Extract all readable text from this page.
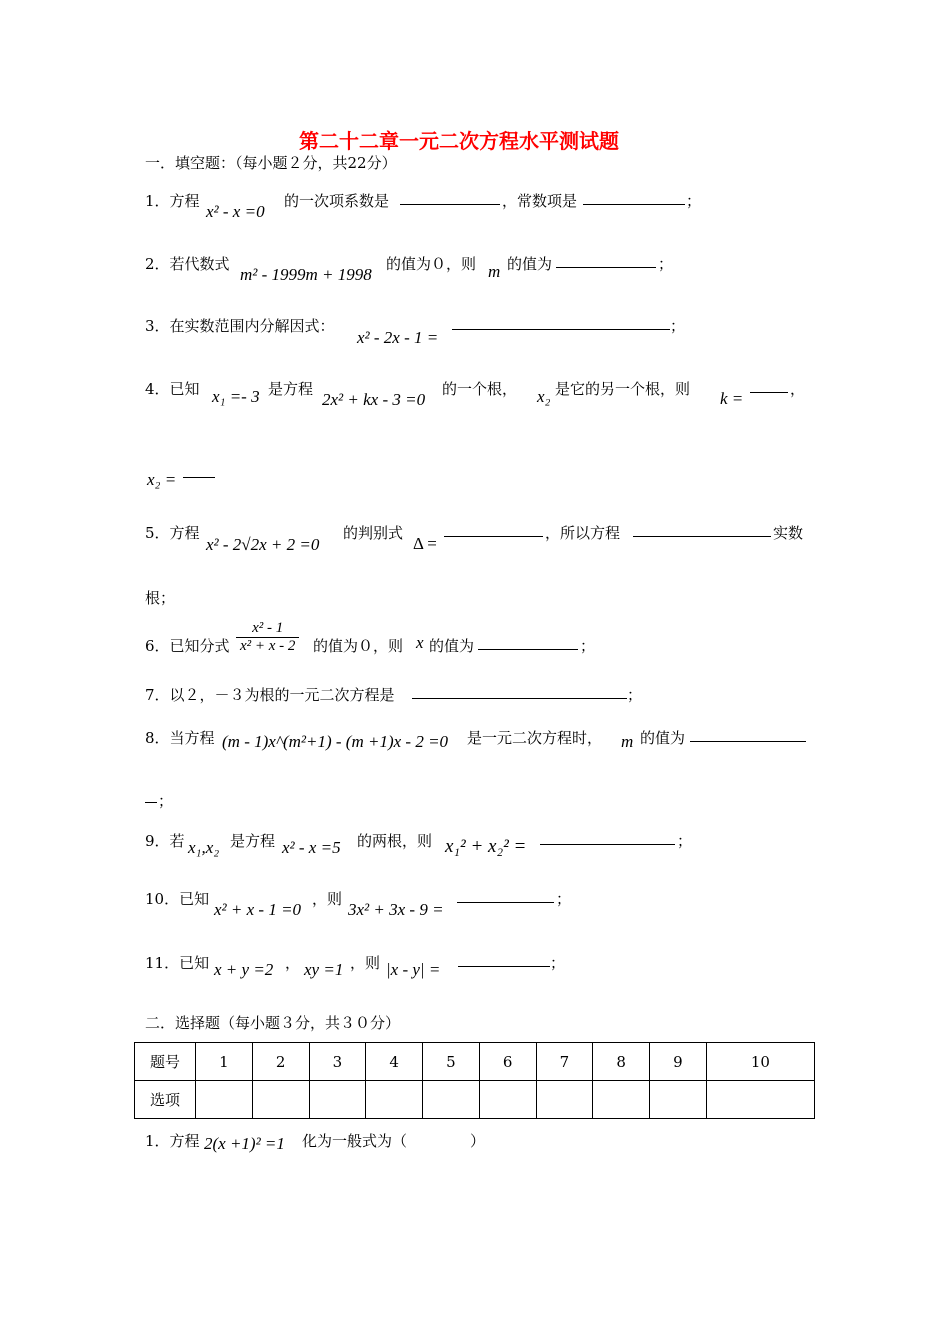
第二十二章一元二次方程水平测试题
一．填空题：（每小题２分，共22分）
1．方程
x² - x =0
的一次项系数是	，常数项是	；
2．若代数式
m² - 1999m + 1998
的值为０，则 m 的值为	；
3．在实数范围内分解因式：
x² - 2x - 1 =
；
4．已知 x₁ =- 3 是方程
2x² + kx - 3 =0
的一个根， x₂ 是它的另一个根，则 k =	，
x₂ =
5．方程
x² - 2√2x + 2 =0
的判别式
Δ =
，所以方程	实数
根；
6．已知分式 $\frac{\text{x² - 1}}{\text{x² + x - 2}}$ 的值为０，则 x 的值为	；
7．以２，－３为根的一元二次方程是	；
8．当方程 (m - 1)x^(m²+1) - (m +1)x - 2 =0 是一元二次方程时， m 的值为
；
9．若 x₁,x₂ 是方程 x² - x =5 的两根，则 x₁² + x₂² =	；
10．已知
x² + x - 1 =0
，则
3x² + 3x - 9 =
；
11．已知 x + y =2 ， xy =1 ，则 |x - y| =	；
二．选择题（每小题３分，共３０分）
题号	1	2	3	4	5	6	7	8	9	10
选项										
1．方程 2(x +1)² =1 化为一般式为（	）
